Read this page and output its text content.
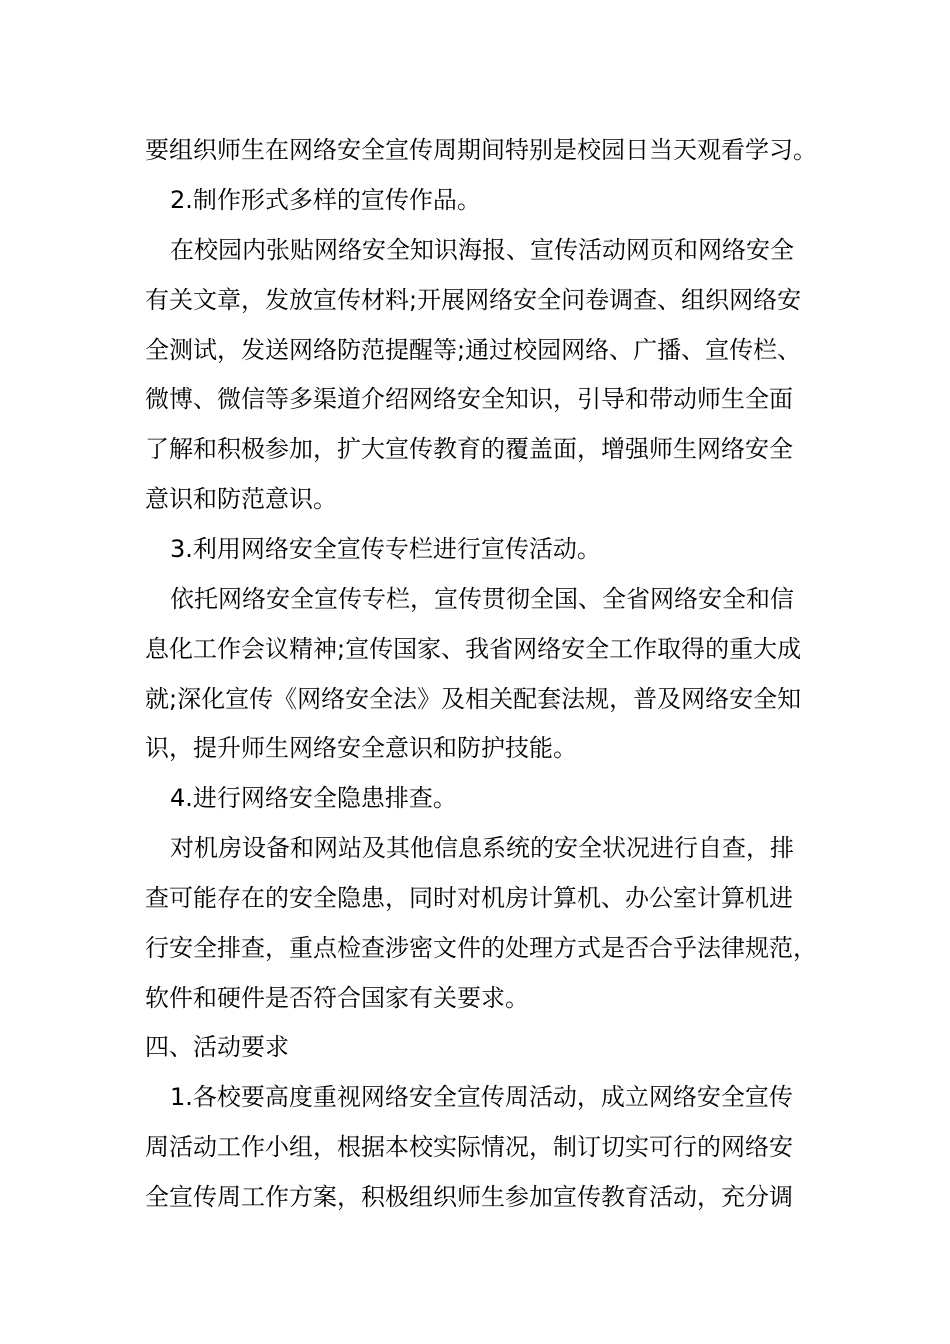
要组织师生在网络安全宣传周期间特别是校园日当天观看学习。
2.制作形式多样的宣传作品。
在校园内张贴网络安全知识海报、宣传活动网页和网络安全
有关文章，发放宣传材料;开展网络安全问卷调查、组织网络安
全测试，发送网络防范提醒等;通过校园网络、广播、宣传栏、
微博、微信等多渠道介绍网络安全知识，引导和带动师生全面
了解和积极参加，扩大宣传教育的覆盖面，增强师生网络安全
意识和防范意识。
3.利用网络安全宣传专栏进行宣传活动。
依托网络安全宣传专栏，宣传贯彻全国、全省网络安全和信
息化工作会议精神;宣传国家、我省网络安全工作取得的重大成
就;深化宣传《网络安全法》及相关配套法规，普及网络安全知
识，提升师生网络安全意识和防护技能。
4.进行网络安全隐患排查。
对机房设备和网站及其他信息系统的安全状况进行自查，排
查可能存在的安全隐患，同时对机房计算机、办公室计算机进
行安全排查，重点检查涉密文件的处理方式是否合乎法律规范，
软件和硬件是否符合国家有关要求。
四、活动要求
1.各校要高度重视网络安全宣传周活动，成立网络安全宣传
周活动工作小组，根据本校实际情况，制订切实可行的网络安
全宣传周工作方案，积极组织师生参加宣传教育活动，充分调
